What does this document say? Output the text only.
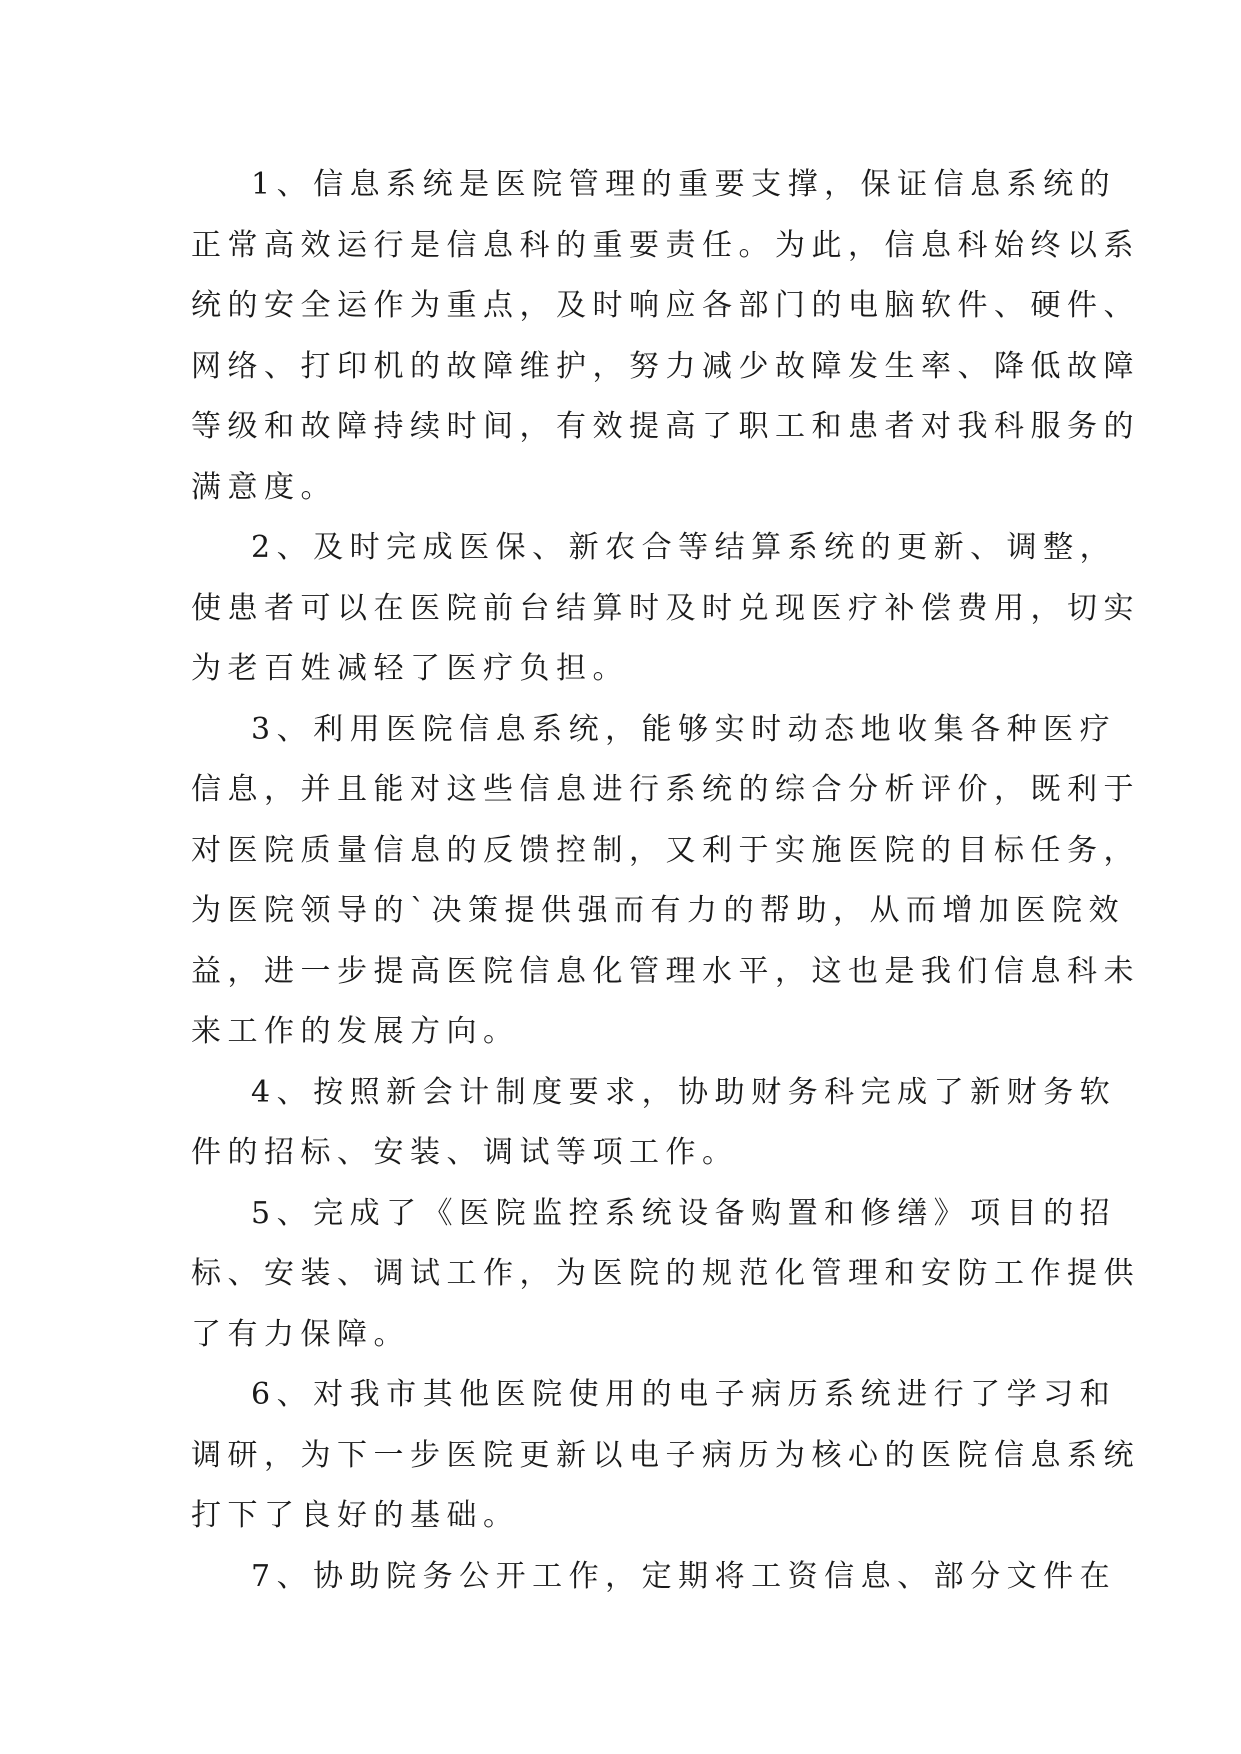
1、信息系统是医院管理的重要支撑，保证信息系统的
正常高效运行是信息科的重要责任。为此，信息科始终以系
统的安全运作为重点，及时响应各部门的电脑软件、硬件、
网络、打印机的故障维护，努力减少故障发生率、降低故障
等级和故障持续时间，有效提高了职工和患者对我科服务的
满意度。
2、及时完成医保、新农合等结算系统的更新、调整，
使患者可以在医院前台结算时及时兑现医疗补偿费用，切实
为老百姓减轻了医疗负担。
3、利用医院信息系统，能够实时动态地收集各种医疗
信息，并且能对这些信息进行系统的综合分析评价，既利于
对医院质量信息的反馈控制，又利于实施医院的目标任务，
为医院领导的`决策提供强而有力的帮助，从而增加医院效
益，进一步提高医院信息化管理水平，这也是我们信息科未
来工作的发展方向。
4、按照新会计制度要求，协助财务科完成了新财务软
件的招标、安装、调试等项工作。
5、完成了《医院监控系统设备购置和修缮》项目的招
标、安装、调试工作，为医院的规范化管理和安防工作提供
了有力保障。
6、对我市其他医院使用的电子病历系统进行了学习和
调研，为下一步医院更新以电子病历为核心的医院信息系统
打下了良好的基础。
7、协助院务公开工作，定期将工资信息、部分文件在
